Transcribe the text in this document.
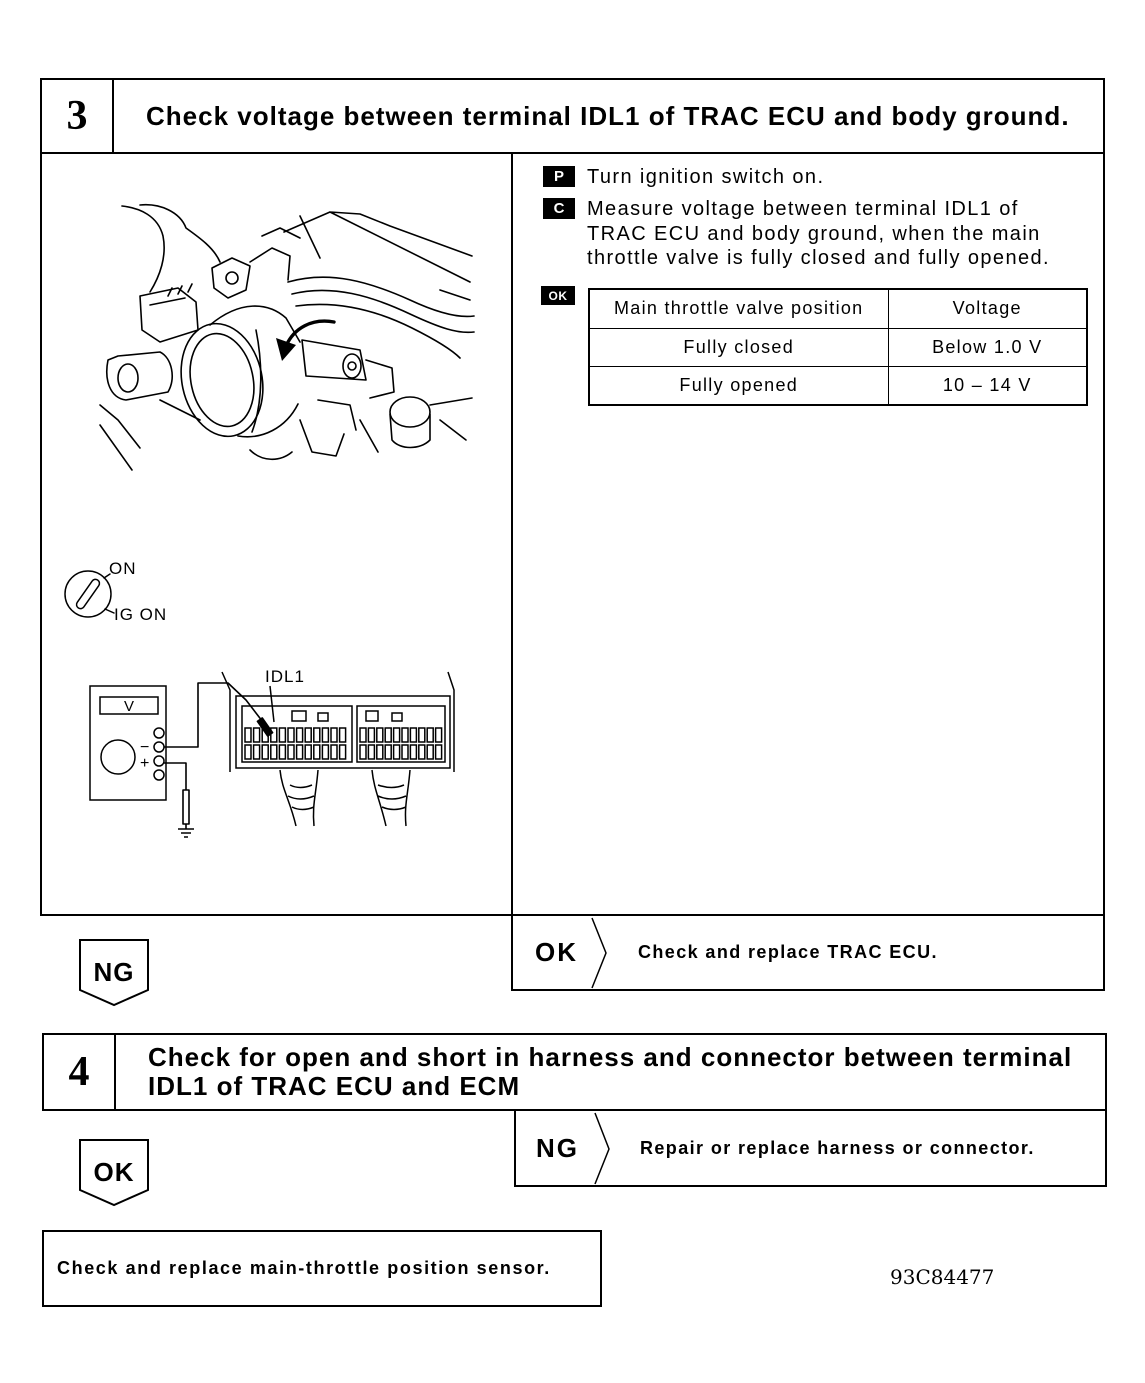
3	Check voltage between terminal IDL1 of TRAC ECU and body ground.
ON
IG ON
V
−
+
IDL1
P	Turn ignition switch on.
C	Measure voltage between terminal IDL1 of TRAC ECU and body ground, when the main throttle valve is fully closed and fully opened.
OK
Main throttle valve position	Voltage
Fully closed	Below 1.0 V
Fully opened	10 – 14 V
OK	Check and replace TRAC ECU.
NG
4	Check for open and short in harness and connector between terminal
IDL1 of TRAC ECU and ECM
NG	Repair or replace harness or connector.
OK
Check and replace main-throttle position sensor.	93C84477
